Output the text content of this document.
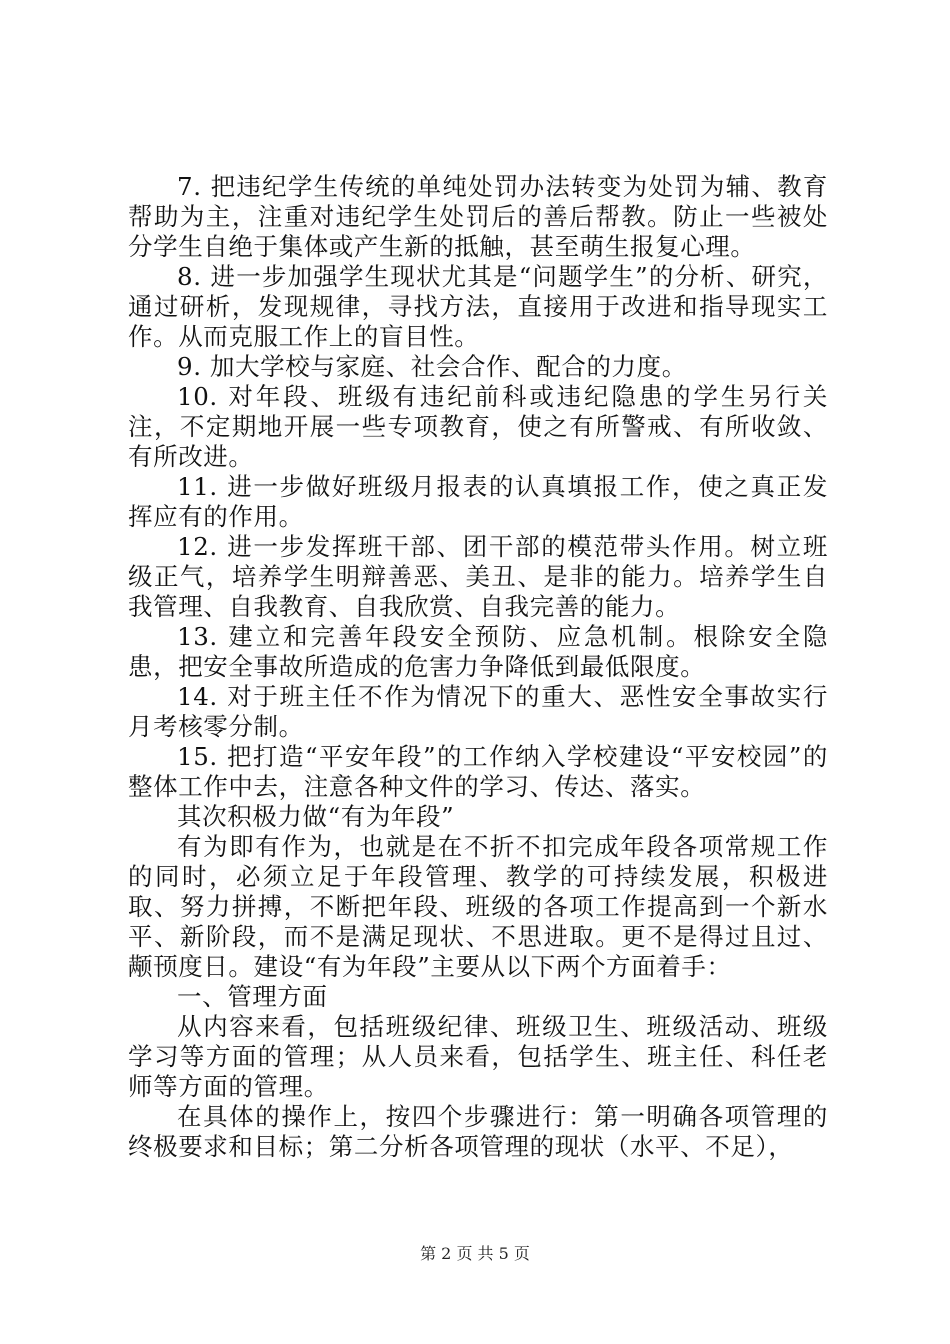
7. 把违纪学生传统的单纯处罚办法转变为处罚为辅、教育帮助为主，注重对违纪学生处罚后的善后帮教。防止一些被处分学生自绝于集体或产生新的抵触，甚至萌生报复心理。

8. 进一步加强学生现状尤其是“问题学生”的分析、研究，通过研析，发现规律，寻找方法，直接用于改进和指导现实工作。从而克服工作上的盲目性。

9. 加大学校与家庭、社会合作、配合的力度。

10. 对年段、班级有违纪前科或违纪隐患的学生另行关注，不定期地开展一些专项教育，使之有所警戒、有所收敛、有所改进。

11. 进一步做好班级月报表的认真填报工作，使之真正发挥应有的作用。

12. 进一步发挥班干部、团干部的模范带头作用。树立班级正气，培养学生明辩善恶、美丑、是非的能力。培养学生自我管理、自我教育、自我欣赏、自我完善的能力。

13. 建立和完善年段安全预防、应急机制。根除安全隐患，把安全事故所造成的危害力争降低到最低限度。

14. 对于班主任不作为情况下的重大、恶性安全事故实行月考核零分制。

15. 把打造“平安年段”的工作纳入学校建设“平安校园”的整体工作中去，注意各种文件的学习、传达、落实。

其次积极力做“有为年段”

有为即有作为，也就是在不折不扣完成年段各项常规工作的同时，必须立足于年段管理、教学的可持续发展，积极进取、努力拼搏，不断把年段、班级的各项工作提高到一个新水平、新阶段，而不是满足现状、不思进取。更不是得过且过、颟顸度日。建设“有为年段”主要从以下两个方面着手：

一、管理方面

从内容来看，包括班级纪律、班级卫生、班级活动、班级学习等方面的管理；从人员来看，包括学生、班主任、科任老师等方面的管理。

在具体的操作上，按四个步骤进行：第一明确各项管理的终极要求和目标；第二分析各项管理的现状（水平、不足），

第 2 页 共 5 页
